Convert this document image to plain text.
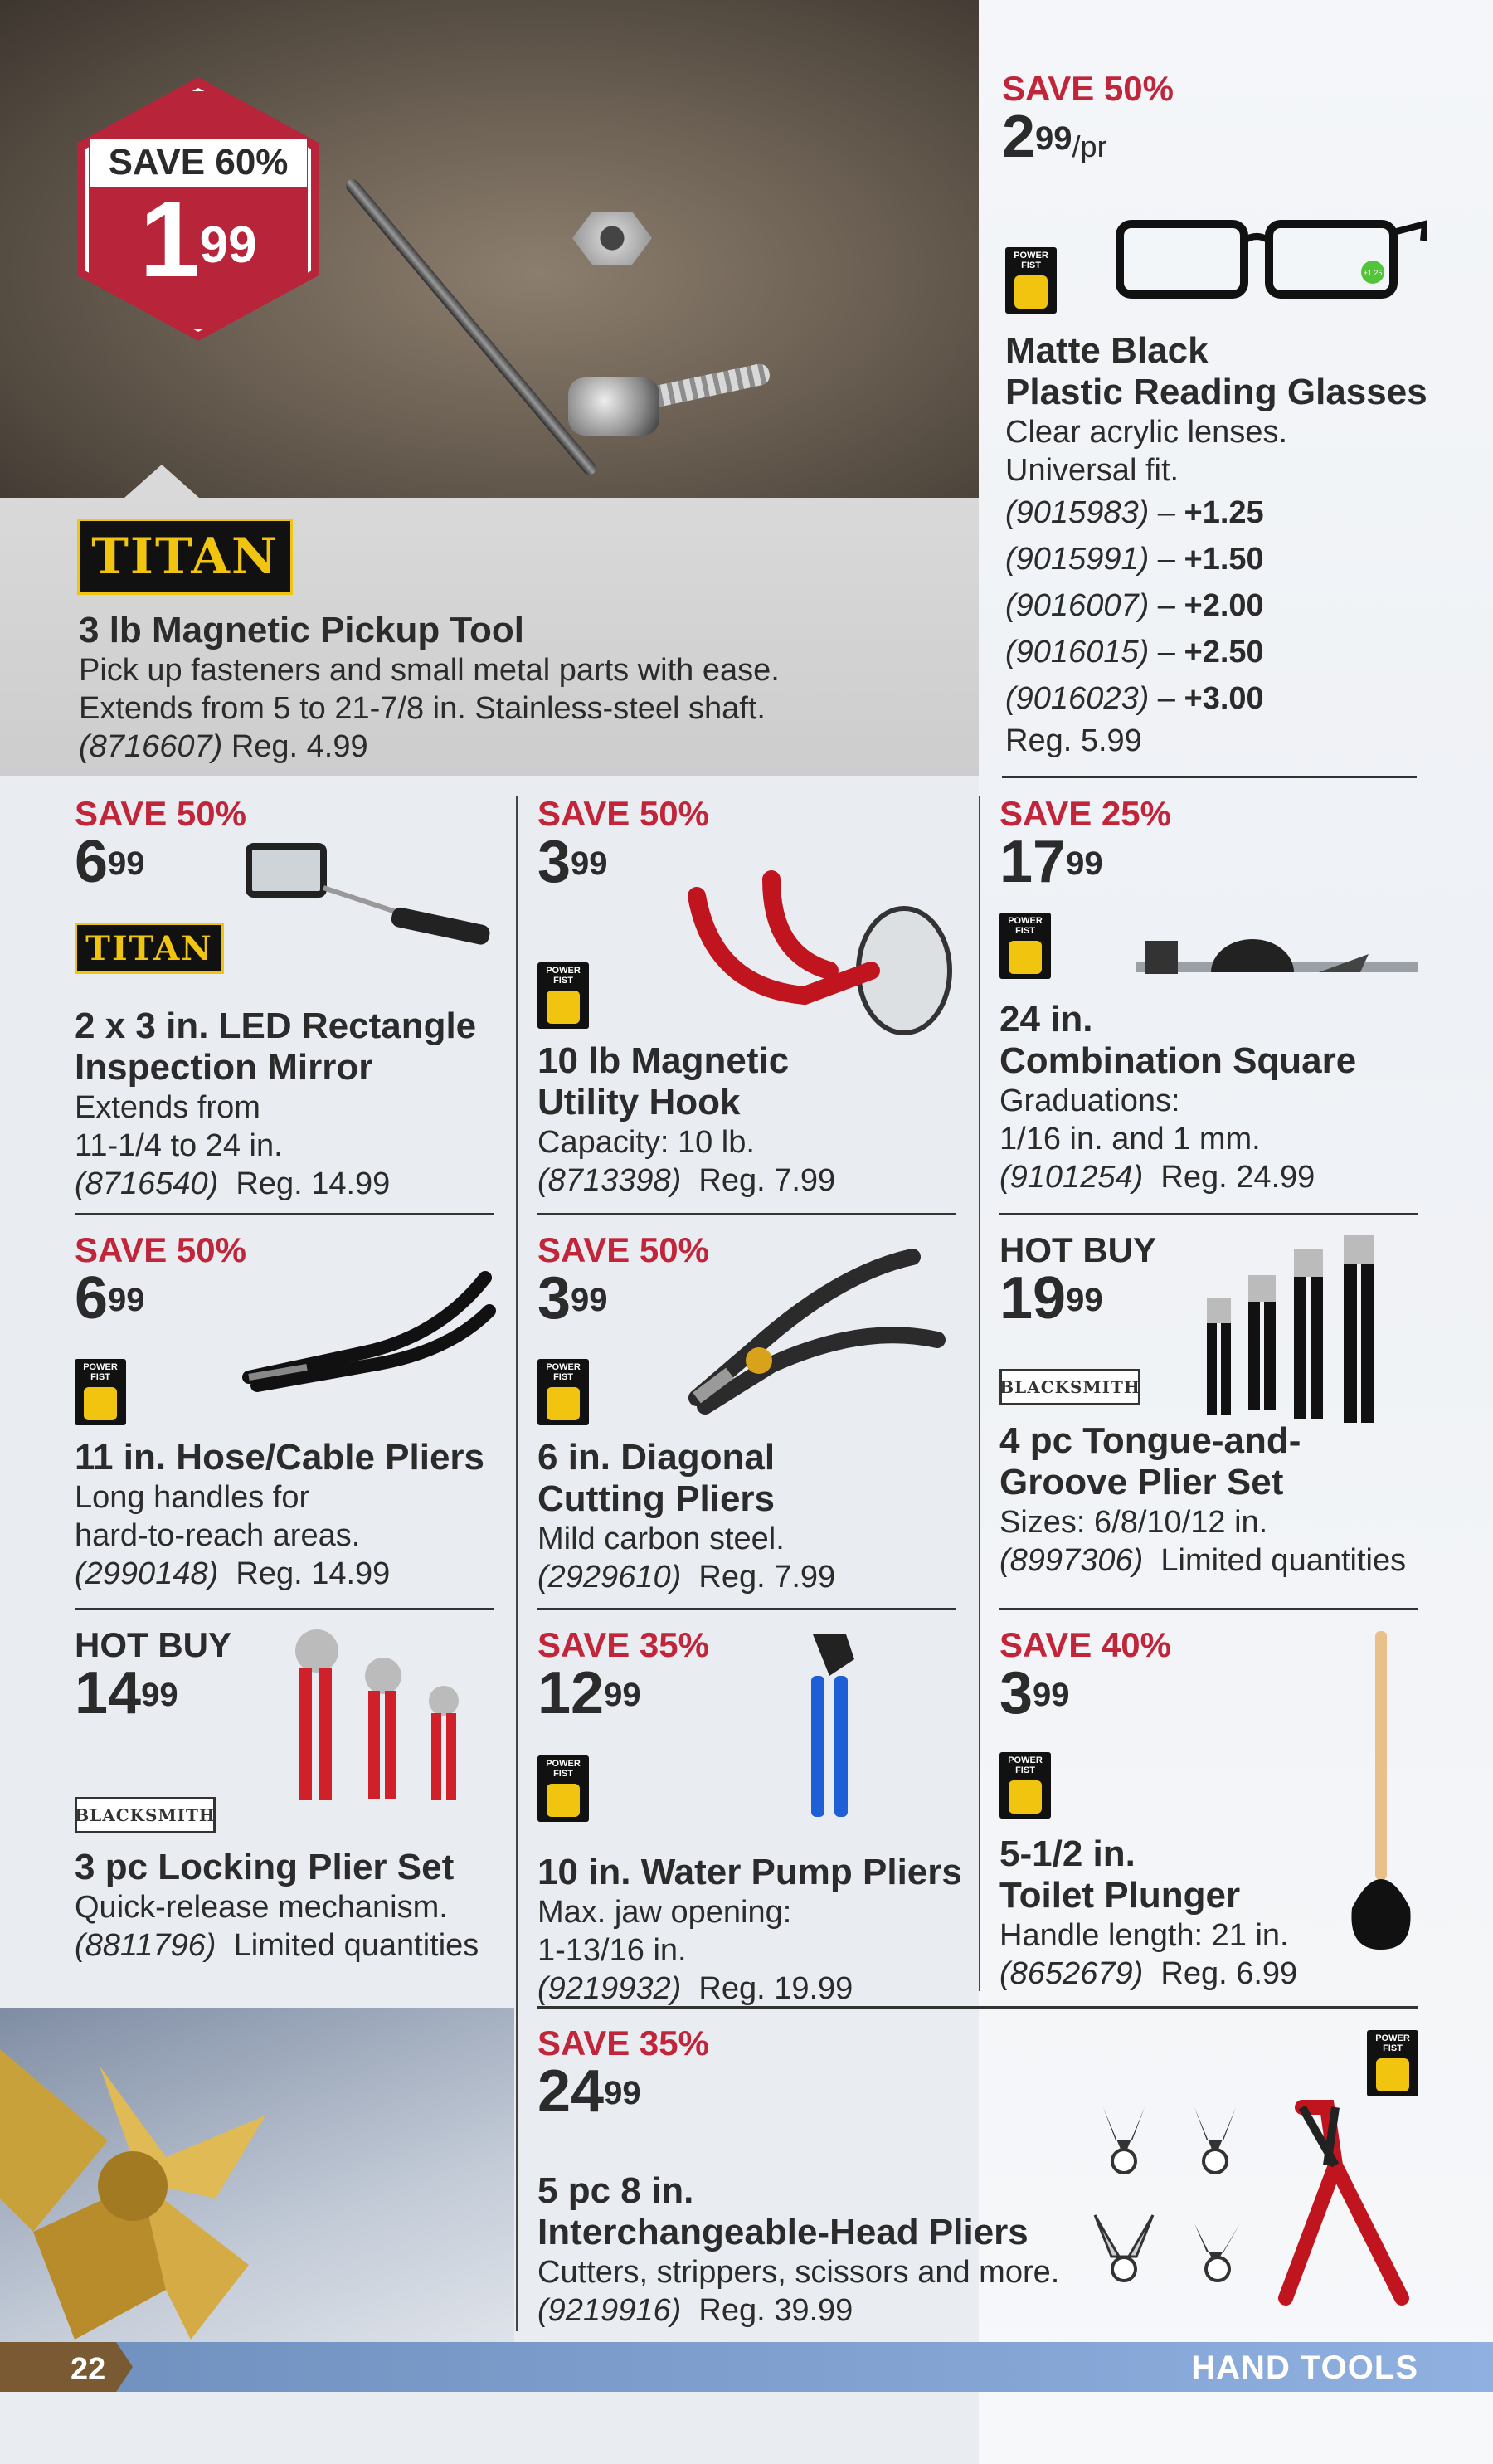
SAVE 60%
$1^{99}$
TITAN
3 lb Magnetic Pickup Tool
Pick up fasteners and small metal parts with ease.
Extends from 5 to 21-7/8 in. Stainless-steel shaft.
(8716607) Reg. 4.99
SAVE 50%
$2^{99}/pr$
POWER FIST
+1.25
Matte Black
Plastic Reading Glasses
Clear acrylic lenses.
Universal fit.
(9015983) – +1.25
(9015991) – +1.50
(9016007) – +2.00
(9016015) – +2.50
(9016023) – +3.00
Reg. 5.99
SAVE 50%
$6^{99}$
TITAN
2 x 3 in. LED Rectangle
Inspection Mirror
Extends from
11-1/4 to 24 in.
(8716540) Reg. 14.99
SAVE 50%
$3^{99}$
POWER FIST
10 lb Magnetic
Utility Hook
Capacity: 10 lb.
(8713398) Reg. 7.99
SAVE 25%
$17^{99}$
POWER FIST
24 in.
Combination Square
Graduations:
1/16 in. and 1 mm.
(9101254) Reg. 24.99
SAVE 50%
$6^{99}$
POWER FIST
11 in. Hose/Cable Pliers
Long handles for
hard-to-reach areas.
(2990148) Reg. 14.99
SAVE 50%
$3^{99}$
POWER FIST
6 in. Diagonal
Cutting Pliers
Mild carbon steel.
(2929610) Reg. 7.99
HOT BUY
$19^{99}$
BLACKSMITH
4 pc Tongue-and-
Groove Plier Set
Sizes: 6/8/10/12 in.
(8997306) Limited quantities
HOT BUY
$14^{99}$
BLACKSMITH
3 pc Locking Plier Set
Quick-release mechanism.
(8811796) Limited quantities
SAVE 35%
$12^{99}$
POWER FIST
10 in. Water Pump Pliers
Max. jaw opening:
1-13/16 in.
(9219932) Reg. 19.99
SAVE 40%
$3^{99}$
POWER FIST
5-1/2 in.
Toilet Plunger
Handle length: 21 in.
(8652679) Reg. 6.99
SAVE 35%
$24^{99}$
5 pc 8 in.
Interchangeable-Head Pliers
Cutters, strippers, scissors and more.
(9219916) Reg. 39.99
POWER FIST
22	HAND TOOLS
